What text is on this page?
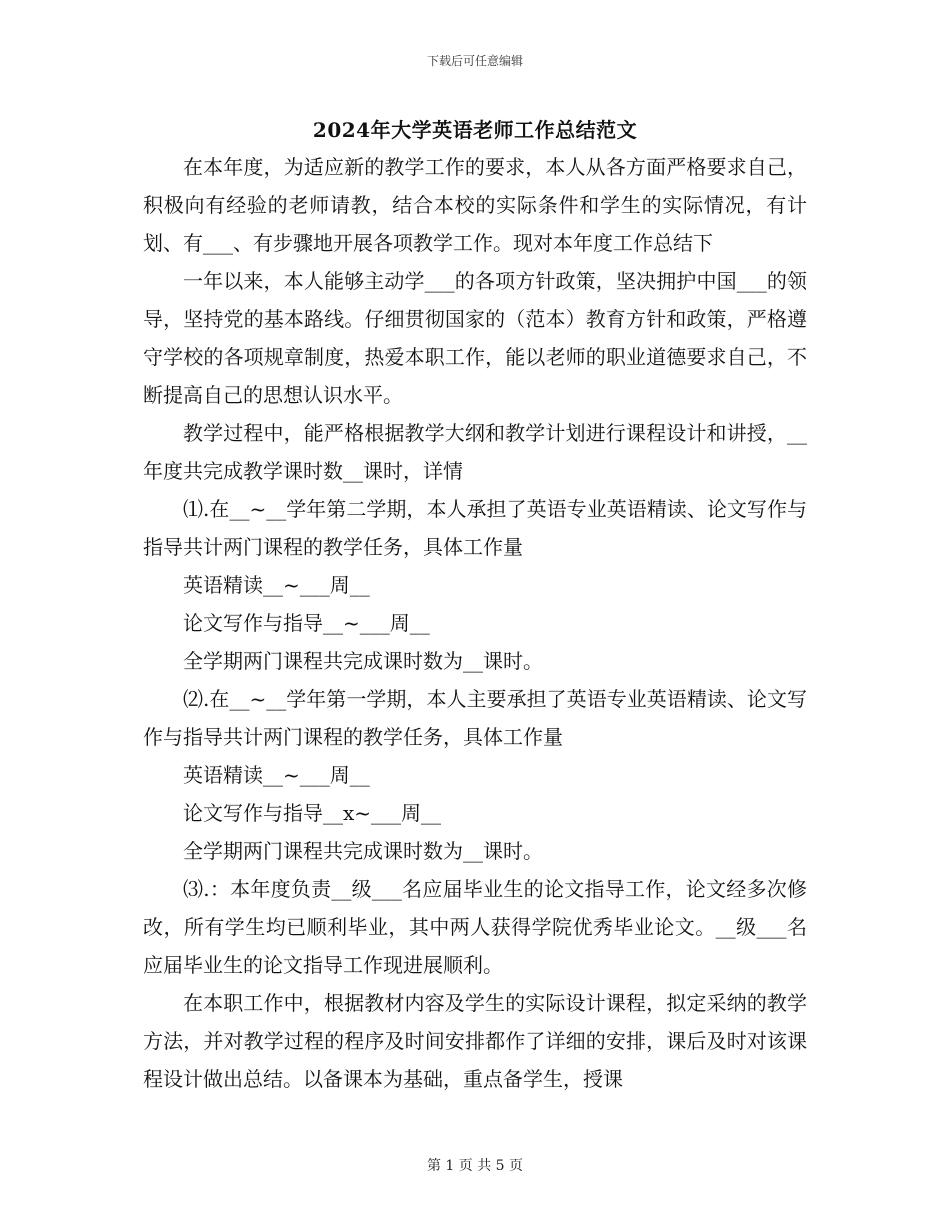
下载后可任意编辑
2024年大学英语老师工作总结范文

在本年度，为适应新的教学工作的要求，本人从各方面严格要求自己，积极向有经验的老师请教，结合本校的实际条件和学生的实际情况，有计划、有___、有步骤地开展各项教学工作。现对本年度工作总结下

一年以来，本人能够主动学___的各项方针政策，坚决拥护中国___的领导，坚持党的基本路线。仔细贯彻国家的（范本）教育方针和政策，严格遵守学校的各项规章制度，热爱本职工作，能以老师的职业道德要求自己，不断提高自己的思想认识水平。

教学过程中，能严格根据教学大纲和教学计划进行课程设计和讲授，__年度共完成教学课时数__课时，详情

⑴.在__~__学年第二学期，本人承担了英语专业英语精读、论文写作与指导共计两门课程的教学任务，具体工作量

英语精读__~___周__

论文写作与指导__~___周__

全学期两门课程共完成课时数为__课时。

⑵.在__~__学年第一学期，本人主要承担了英语专业英语精读、论文写作与指导共计两门课程的教学任务，具体工作量

英语精读__~___周__

论文写作与指导__x~___周__

全学期两门课程共完成课时数为__课时。

⑶.：本年度负责__级___名应届毕业生的论文指导工作，论文经多次修改，所有学生均已顺利毕业，其中两人获得学院优秀毕业论文。__级___名应届毕业生的论文指导工作现进展顺利。

在本职工作中，根据教材内容及学生的实际设计课程，拟定采纳的教学方法，并对教学过程的程序及时间安排都作了详细的安排，课后及时对该课程设计做出总结。以备课本为基础，重点备学生，授课

第 1 页 共 5 页
